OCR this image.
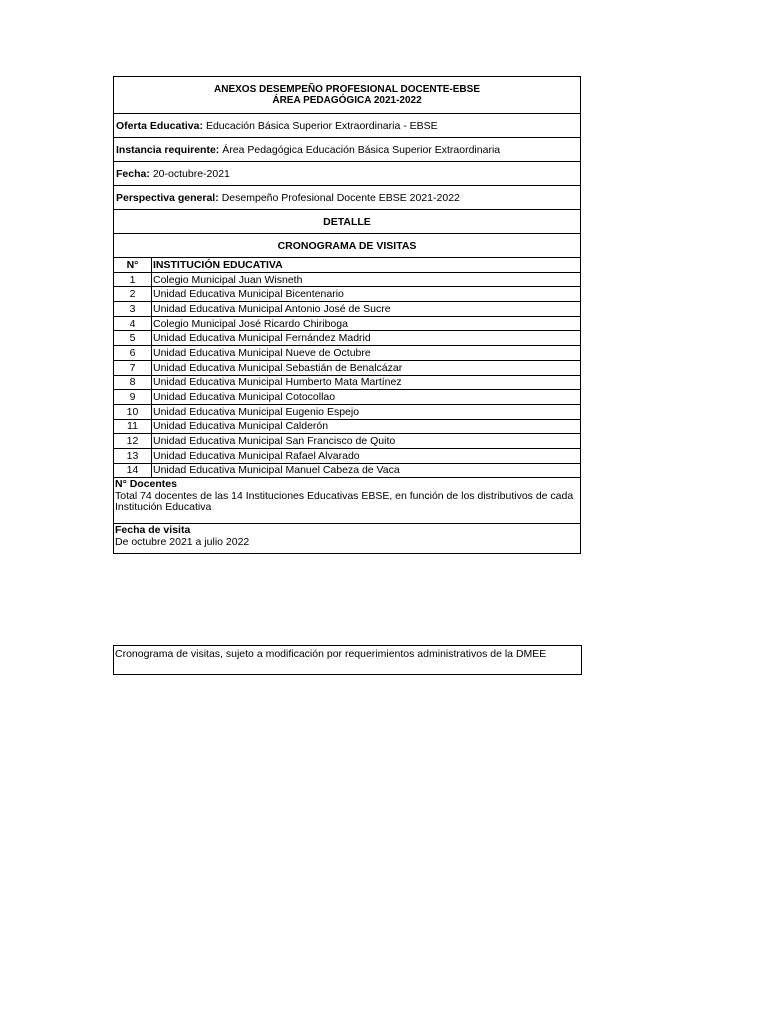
ANEXOS DESEMPEÑO PROFESIONAL DOCENTE-EBSE
ÁREA PEDAGÓGICA 2021-2022
Oferta Educativa: Educación Básica Superior Extraordinaria - EBSE
Instancia requirente: Área Pedagógica Educación Básica Superior Extraordinaria
Fecha: 20-octubre-2021
Perspectiva general: Desempeño Profesional Docente EBSE 2021-2022
DETALLE
CRONOGRAMA DE VISITAS
N°	INSTITUCIÓN EDUCATIVA
1	Colegio Municipal Juan Wisneth
2	Unidad Educativa Municipal Bicentenario
3	Unidad Educativa Municipal Antonio José de Sucre
4	Colegio Municipal José Ricardo Chiriboga
5	Unidad Educativa Municipal Fernández Madrid
6	Unidad Educativa Municipal Nueve de Octubre
7	Unidad Educativa Municipal Sebastián de Benalcázar
8	Unidad Educativa Municipal Humberto Mata Martínez
9	Unidad Educativa Municipal Cotocollao
10	Unidad Educativa Municipal Eugenio Espejo
11	Unidad Educativa Municipal Calderón
12	Unidad Educativa Municipal San Francisco de Quito
13	Unidad Educativa Municipal Rafael Alvarado
14	Unidad Educativa Municipal Manuel Cabeza de Vaca
N° Docentes
Total 74 docentes de las 14 Instituciones Educativas EBSE, en función de los distributivos de cada Institución Educativa
Fecha de visita
De octubre 2021 a julio 2022
Cronograma de visitas, sujeto a modificación por requerimientos administrativos de la DMEE
